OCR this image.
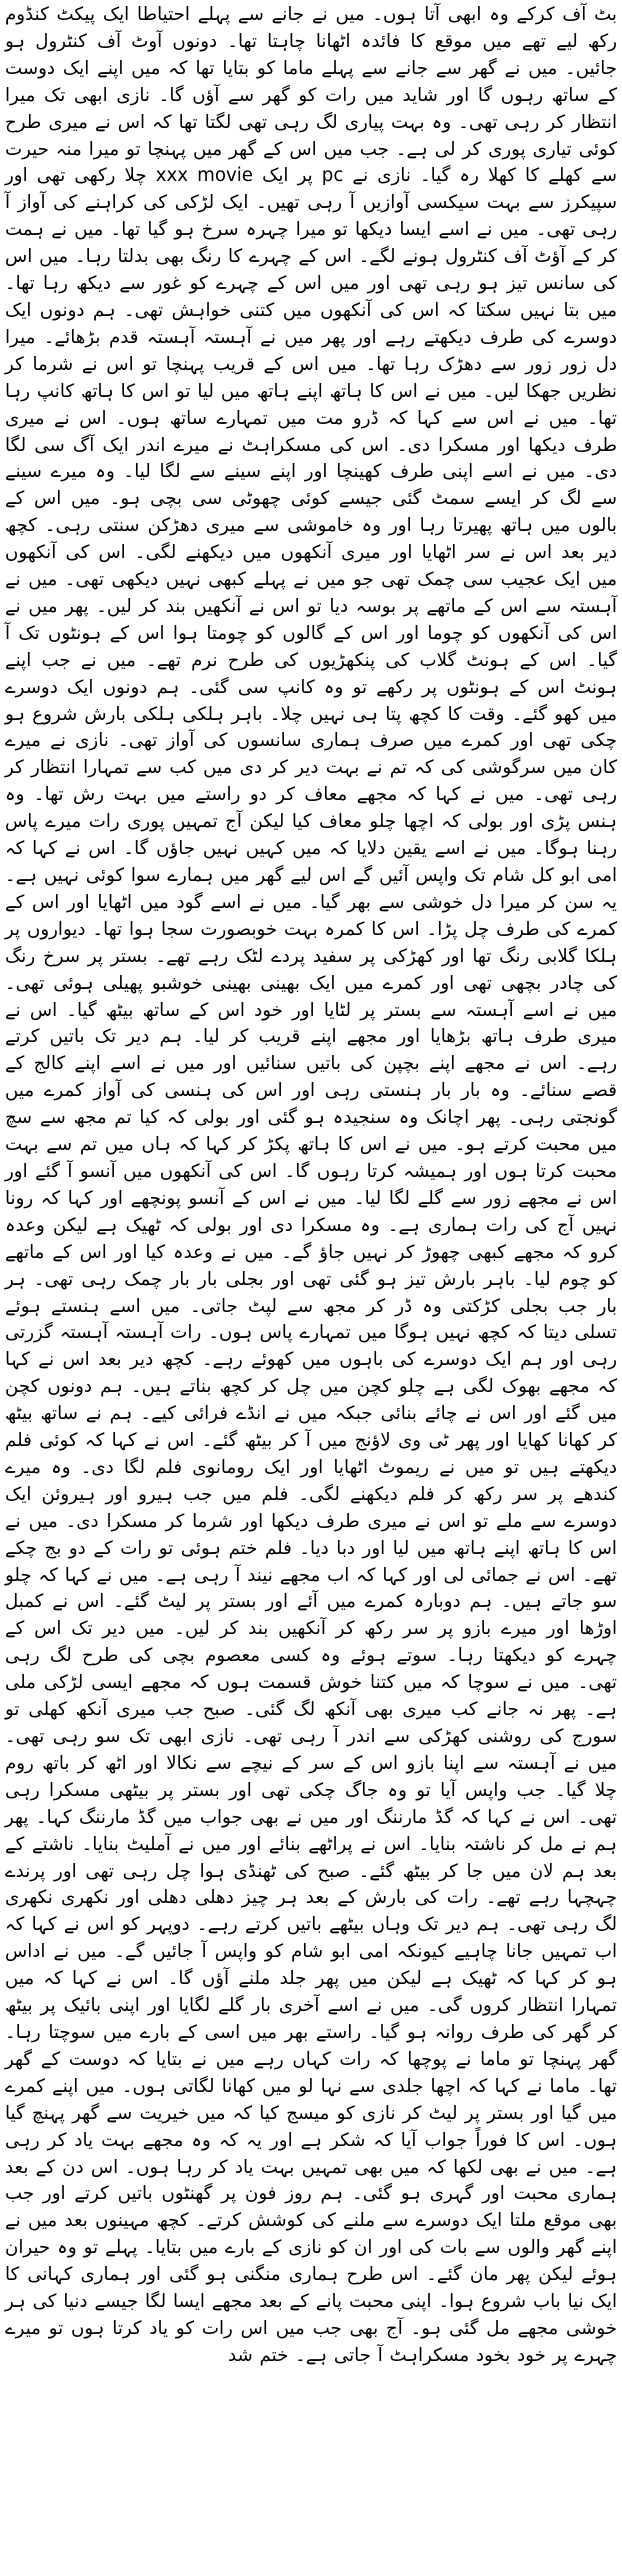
بٹ آف کرکے وہ ابھی آتا ہوں۔ میں نے جانے سے پہلے احتیاطا ایک پیکٹ کنڈوم رکھ لیے تھے میں موقع کا فائدہ اٹھانا چاہتا تھا۔ دونوں آوٹ آف کنٹرول ہو جائیں۔ میں نے گھر سے جانے سے پہلے ماما کو بتایا تھا کہ میں اپنے ایک دوست کے ساتھ رہوں گا اور شاید میں رات کو گھر سے آؤں گا۔ نازی ابھی تک میرا انتظار کر رہی تھی۔ وہ بہت پیاری لگ رہی تھی لگتا تھا کہ اس نے میری طرح کوئی تیاری پوری کر لی ہے۔ جب میں اس کے گھر میں پہنچا تو میرا منہ حیرت سے کھلے کا کھلا رہ گیا۔ نازی نے pc پر ایک xxx movie چلا رکھی تھی اور سپیکرز سے بہت سیکسی آوازیں آ رہی تھیں۔ ایک لڑکی کی کراہنے کی آواز آ رہی تھی۔ میں نے اسے ایسا دیکھا تو میرا چہرہ سرخ ہو گیا تھا۔ میں نے ہمت کر کے آؤٹ آف کنٹرول ہونے لگے۔ اس کے چہرے کا رنگ بھی بدلتا رہا۔ میں اس کی سانس تیز ہو رہی تھی اور میں اس کے چہرے کو غور سے دیکھ رہا تھا۔ میں بتا نہیں سکتا کہ اس کی آنکھوں میں کتنی خواہش تھی۔ ہم دونوں ایک دوسرے کی طرف دیکھتے رہے اور پھر میں نے آہستہ آہستہ قدم بڑھائے۔ میرا دل زور زور سے دھڑک رہا تھا۔ میں اس کے قریب پہنچا تو اس نے شرما کر نظریں جھکا لیں۔ میں نے اس کا ہاتھ اپنے ہاتھ میں لیا تو اس کا ہاتھ کانپ رہا تھا۔ میں نے اس سے کہا کہ ڈرو مت میں تمہارے ساتھ ہوں۔ اس نے میری طرف دیکھا اور مسکرا دی۔ اس کی مسکراہٹ نے میرے اندر ایک آگ سی لگا دی۔ میں نے اسے اپنی طرف کھینچا اور اپنے سینے سے لگا لیا۔ وہ میرے سینے سے لگ کر ایسے سمٹ گئی جیسے کوئی چھوٹی سی بچی ہو۔ میں اس کے بالوں میں ہاتھ پھیرتا رہا اور وہ خاموشی سے میری دھڑکن سنتی رہی۔ کچھ دیر بعد اس نے سر اٹھایا اور میری آنکھوں میں دیکھنے لگی۔ اس کی آنکھوں میں ایک عجیب سی چمک تھی جو میں نے پہلے کبھی نہیں دیکھی تھی۔ میں نے آہستہ سے اس کے ماتھے پر بوسہ دیا تو اس نے آنکھیں بند کر لیں۔ پھر میں نے اس کی آنکھوں کو چوما اور اس کے گالوں کو چومتا ہوا اس کے ہونٹوں تک آ گیا۔ اس کے ہونٹ گلاب کی پنکھڑیوں کی طرح نرم تھے۔ میں نے جب اپنے ہونٹ اس کے ہونٹوں پر رکھے تو وہ کانپ سی گئی۔ ہم دونوں ایک دوسرے میں کھو گئے۔ وقت کا کچھ پتا ہی نہیں چلا۔ باہر ہلکی ہلکی بارش شروع ہو چکی تھی اور کمرے میں صرف ہماری سانسوں کی آواز تھی۔ نازی نے میرے کان میں سرگوشی کی کہ تم نے بہت دیر کر دی میں کب سے تمہارا انتظار کر رہی تھی۔ میں نے کہا کہ مجھے معاف کر دو راستے میں بہت رش تھا۔ وہ ہنس پڑی اور بولی کہ اچھا چلو معاف کیا لیکن آج تمہیں پوری رات میرے پاس رہنا ہوگا۔ میں نے اسے یقین دلایا کہ میں کہیں نہیں جاؤں گا۔ اس نے کہا کہ امی ابو کل شام تک واپس آئیں گے اس لیے گھر میں ہمارے سوا کوئی نہیں ہے۔ یہ سن کر میرا دل خوشی سے بھر گیا۔ میں نے اسے گود میں اٹھایا اور اس کے کمرے کی طرف چل پڑا۔ اس کا کمرہ بہت خوبصورت سجا ہوا تھا۔ دیواروں پر ہلکا گلابی رنگ تھا اور کھڑکی پر سفید پردے لٹک رہے تھے۔ بستر پر سرخ رنگ کی چادر بچھی تھی اور کمرے میں ایک بھینی بھینی خوشبو پھیلی ہوئی تھی۔ میں نے اسے آہستہ سے بستر پر لٹایا اور خود اس کے ساتھ بیٹھ گیا۔ اس نے میری طرف ہاتھ بڑھایا اور مجھے اپنے قریب کر لیا۔ ہم دیر تک باتیں کرتے رہے۔ اس نے مجھے اپنے بچپن کی باتیں سنائیں اور میں نے اسے اپنے کالج کے قصے سنائے۔ وہ بار بار ہنستی رہی اور اس کی ہنسی کی آواز کمرے میں گونجتی رہی۔ پھر اچانک وہ سنجیدہ ہو گئی اور بولی کہ کیا تم مجھ سے سچ میں محبت کرتے ہو۔ میں نے اس کا ہاتھ پکڑ کر کہا کہ ہاں میں تم سے بہت محبت کرتا ہوں اور ہمیشہ کرتا رہوں گا۔ اس کی آنکھوں میں آنسو آ گئے اور اس نے مجھے زور سے گلے لگا لیا۔ میں نے اس کے آنسو پونچھے اور کہا کہ رونا نہیں آج کی رات ہماری ہے۔ وہ مسکرا دی اور بولی کہ ٹھیک ہے لیکن وعدہ کرو کہ مجھے کبھی چھوڑ کر نہیں جاؤ گے۔ میں نے وعدہ کیا اور اس کے ماتھے کو چوم لیا۔ باہر بارش تیز ہو گئی تھی اور بجلی بار بار چمک رہی تھی۔ ہر بار جب بجلی کڑکتی وہ ڈر کر مجھ سے لپٹ جاتی۔ میں اسے ہنستے ہوئے تسلی دیتا کہ کچھ نہیں ہوگا میں تمہارے پاس ہوں۔ رات آہستہ آہستہ گزرتی رہی اور ہم ایک دوسرے کی باہوں میں کھوئے رہے۔ کچھ دیر بعد اس نے کہا کہ مجھے بھوک لگی ہے چلو کچن میں چل کر کچھ بناتے ہیں۔ ہم دونوں کچن میں گئے اور اس نے چائے بنائی جبکہ میں نے انڈے فرائی کیے۔ ہم نے ساتھ بیٹھ کر کھانا کھایا اور پھر ٹی وی لاؤنج میں آ کر بیٹھ گئے۔ اس نے کہا کہ کوئی فلم دیکھتے ہیں تو میں نے ریموٹ اٹھایا اور ایک رومانوی فلم لگا دی۔ وہ میرے کندھے پر سر رکھ کر فلم دیکھنے لگی۔ فلم میں جب ہیرو اور ہیروئن ایک دوسرے سے ملے تو اس نے میری طرف دیکھا اور شرما کر مسکرا دی۔ میں نے اس کا ہاتھ اپنے ہاتھ میں لیا اور دبا دیا۔ فلم ختم ہوئی تو رات کے دو بج چکے تھے۔ اس نے جمائی لی اور کہا کہ اب مجھے نیند آ رہی ہے۔ میں نے کہا کہ چلو سو جاتے ہیں۔ ہم دوبارہ کمرے میں آئے اور بستر پر لیٹ گئے۔ اس نے کمبل اوڑھا اور میرے بازو پر سر رکھ کر آنکھیں بند کر لیں۔ میں دیر تک اس کے چہرے کو دیکھتا رہا۔ سوتے ہوئے وہ کسی معصوم بچی کی طرح لگ رہی تھی۔ میں نے سوچا کہ میں کتنا خوش قسمت ہوں کہ مجھے ایسی لڑکی ملی ہے۔ پھر نہ جانے کب میری بھی آنکھ لگ گئی۔ صبح جب میری آنکھ کھلی تو سورج کی روشنی کھڑکی سے اندر آ رہی تھی۔ نازی ابھی تک سو رہی تھی۔ میں نے آہستہ سے اپنا بازو اس کے سر کے نیچے سے نکالا اور اٹھ کر باتھ روم چلا گیا۔ جب واپس آیا تو وہ جاگ چکی تھی اور بستر پر بیٹھی مسکرا رہی تھی۔ اس نے کہا کہ گڈ مارننگ اور میں نے بھی جواب میں گڈ مارننگ کہا۔ پھر ہم نے مل کر ناشتہ بنایا۔ اس نے پراٹھے بنائے اور میں نے آملیٹ بنایا۔ ناشتے کے بعد ہم لان میں جا کر بیٹھ گئے۔ صبح کی ٹھنڈی ہوا چل رہی تھی اور پرندے چہچہا رہے تھے۔ رات کی بارش کے بعد ہر چیز دھلی دھلی اور نکھری نکھری لگ رہی تھی۔ ہم دیر تک وہاں بیٹھے باتیں کرتے رہے۔ دوپہر کو اس نے کہا کہ اب تمہیں جانا چاہیے کیونکہ امی ابو شام کو واپس آ جائیں گے۔ میں نے اداس ہو کر کہا کہ ٹھیک ہے لیکن میں پھر جلد ملنے آؤں گا۔ اس نے کہا کہ میں تمہارا انتظار کروں گی۔ میں نے اسے آخری بار گلے لگایا اور اپنی بائیک پر بیٹھ کر گھر کی طرف روانہ ہو گیا۔ راستے بھر میں اسی کے بارے میں سوچتا رہا۔ گھر پہنچا تو ماما نے پوچھا کہ رات کہاں رہے میں نے بتایا کہ دوست کے گھر تھا۔ ماما نے کہا کہ اچھا جلدی سے نہا لو میں کھانا لگاتی ہوں۔ میں اپنے کمرے میں گیا اور بستر پر لیٹ کر نازی کو میسج کیا کہ میں خیریت سے گھر پہنچ گیا ہوں۔ اس کا فوراً جواب آیا کہ شکر ہے اور یہ کہ وہ مجھے بہت یاد کر رہی ہے۔ میں نے بھی لکھا کہ میں بھی تمہیں بہت یاد کر رہا ہوں۔ اس دن کے بعد ہماری محبت اور گہری ہو گئی۔ ہم روز فون پر گھنٹوں باتیں کرتے اور جب بھی موقع ملتا ایک دوسرے سے ملنے کی کوشش کرتے۔ کچھ مہینوں بعد میں نے اپنے گھر والوں سے بات کی اور ان کو نازی کے بارے میں بتایا۔ پہلے تو وہ حیران ہوئے لیکن پھر مان گئے۔ اس طرح ہماری منگنی ہو گئی اور ہماری کہانی کا ایک نیا باب شروع ہوا۔ اپنی محبت پانے کے بعد مجھے ایسا لگا جیسے دنیا کی ہر خوشی مجھے مل گئی ہو۔ آج بھی جب میں اس رات کو یاد کرتا ہوں تو میرے چہرے پر خود بخود مسکراہٹ آ جاتی ہے۔ ختم شد
